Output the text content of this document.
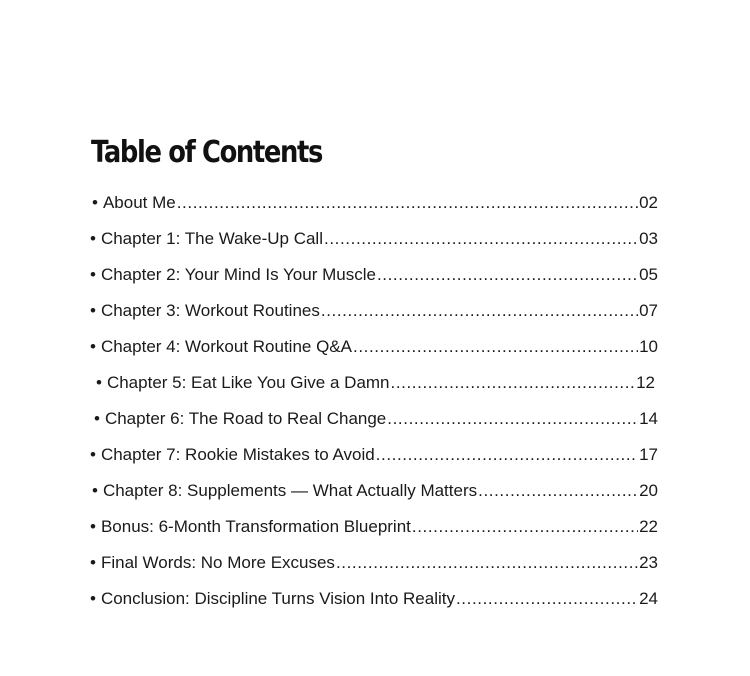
Table of Contents
• About Me .....	02
• Chapter 1: The Wake-Up Call .....	03
• Chapter 2: Your Mind Is Your Muscle .....	05
• Chapter 3: Workout Routines .....	07
• Chapter 4: Workout Routine Q&A .....	10
• Chapter 5: Eat Like You Give a Damn .....	12
• Chapter 6: The Road to Real Change .....	14
• Chapter 7: Rookie Mistakes to Avoid .....	17
• Chapter 8: Supplements — What Actually Matters .....	20
• Bonus: 6-Month Transformation Blueprint .....	22
• Final Words: No More Excuses .....	23
• Conclusion: Discipline Turns Vision Into Reality .....	24
